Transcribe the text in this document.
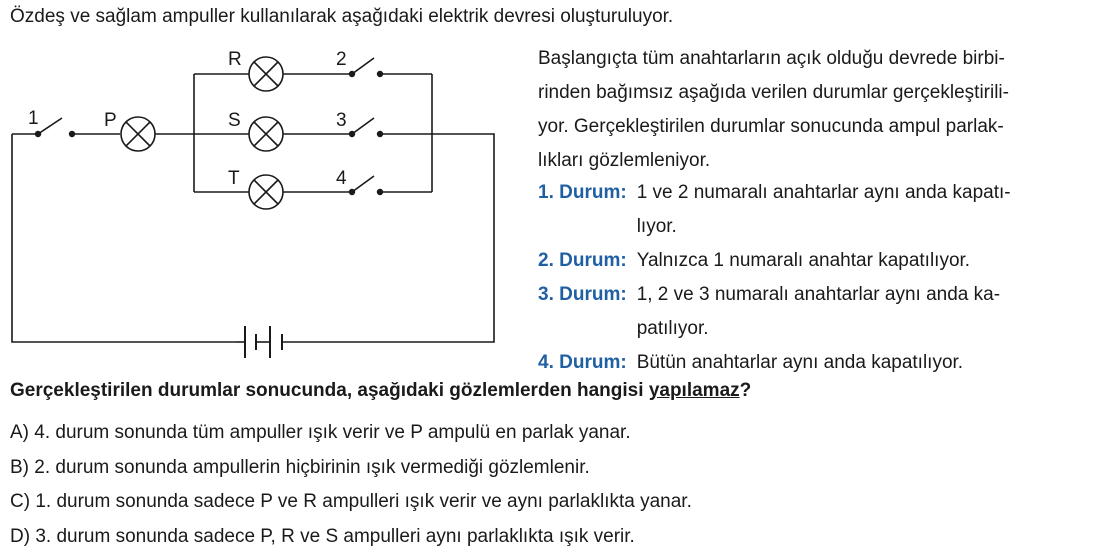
Özdeş ve sağlam ampuller kullanılarak aşağıdaki elektrik devresi oluşturuluyor.
P
R
S
T
1
2
3
4
Başlangıçta tüm anahtarların açık olduğu devrede birbi-
rinden bağımsız aşağıda verilen durumlar gerçekleştirili-
yor. Gerçekleştirilen durumlar sonucunda ampul parlak-
lıkları gözlemleniyor.
1. Durum: 1 ve 2 numaralı anahtarlar aynı anda kapatı-
lıyor.
2. Durum: Yalnızca 1 numaralı anahtar kapatılıyor.
3. Durum: 1, 2 ve 3 numaralı anahtarlar aynı anda ka-
patılıyor.
4. Durum: Bütün anahtarlar aynı anda kapatılıyor.
Gerçekleştirilen durumlar sonucunda, aşağıdaki gözlemlerden hangisi yapılamaz?
A) 4. durum sonunda tüm ampuller ışık verir ve P ampulü en parlak yanar.
B) 2. durum sonunda ampullerin hiçbirinin ışık vermediği gözlemlenir.
C) 1. durum sonunda sadece P ve R ampulleri ışık verir ve aynı parlaklıkta yanar.
D) 3. durum sonunda sadece P, R ve S ampulleri aynı parlaklıkta ışık verir.
